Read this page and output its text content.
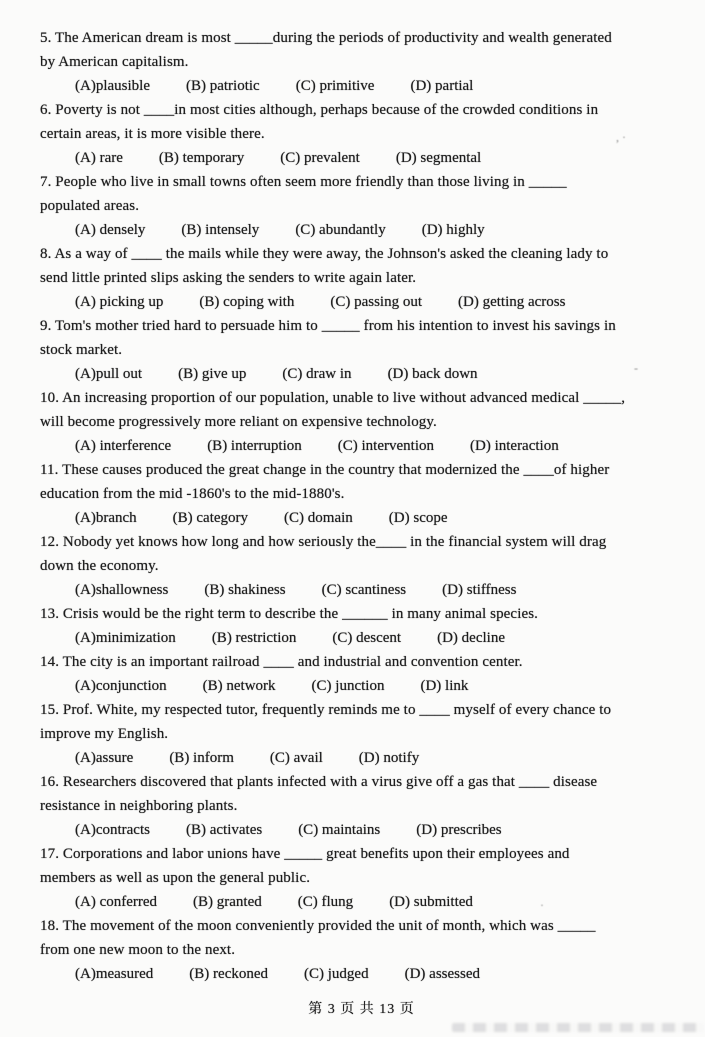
5. The American dream is most _____during the periods of productivity and wealth generated
by American capitalism.
(A)plausible (B) patriotic (C) primitive (D) partial
6. Poverty is not ____in most cities although, perhaps because of the crowded conditions in
certain areas, it is more visible there.
(A) rare (B) temporary (C) prevalent (D) segmental
7. People who live in small towns often seem more friendly than those living in _____
populated areas.
(A) densely (B) intensely (C) abundantly (D) highly
8. As a way of ____ the mails while they were away, the Johnson's asked the cleaning lady to
send little printed slips asking the senders to write again later.
(A) picking up (B) coping with (C) passing out (D) getting across
9. Tom's mother tried hard to persuade him to _____ from his intention to invest his savings in
stock market.
(A)pull out (B) give up (C) draw in (D) back down
10. An increasing proportion of our population, unable to live without advanced medical _____,
will become progressively more reliant on expensive technology.
(A) interference (B) interruption (C) intervention (D) interaction
11. These causes produced the great change in the country that modernized the ____of higher
education from the mid -1860's to the mid-1880's.
(A)branch (B) category (C) domain (D) scope
12. Nobody yet knows how long and how seriously the____ in the financial system will drag
down the economy.
(A)shallowness (B) shakiness (C) scantiness (D) stiffness
13. Crisis would be the right term to describe the ______ in many animal species.
(A)minimization (B) restriction (C) descent (D) decline
14. The city is an important railroad ____ and industrial and convention center.
(A)conjunction (B) network (C) junction (D) link
15. Prof. White, my respected tutor, frequently reminds me to ____ myself of every chance to
improve my English.
(A)assure (B) inform (C) avail (D) notify
16. Researchers discovered that plants infected with a virus give off a gas that ____ disease
resistance in neighboring plants.
(A)contracts (B) activates (C) maintains (D) prescribes
17. Corporations and labor unions have _____ great benefits upon their employees and
members as well as upon the general public.
(A) conferred (B) granted (C) flung (D) submitted
18. The movement of the moon conveniently provided the unit of month, which was _____
from one new moon to the next.
(A)measured (B) reckoned (C) judged (D) assessed
第 3 页 共 13 页
, ·
-
·
